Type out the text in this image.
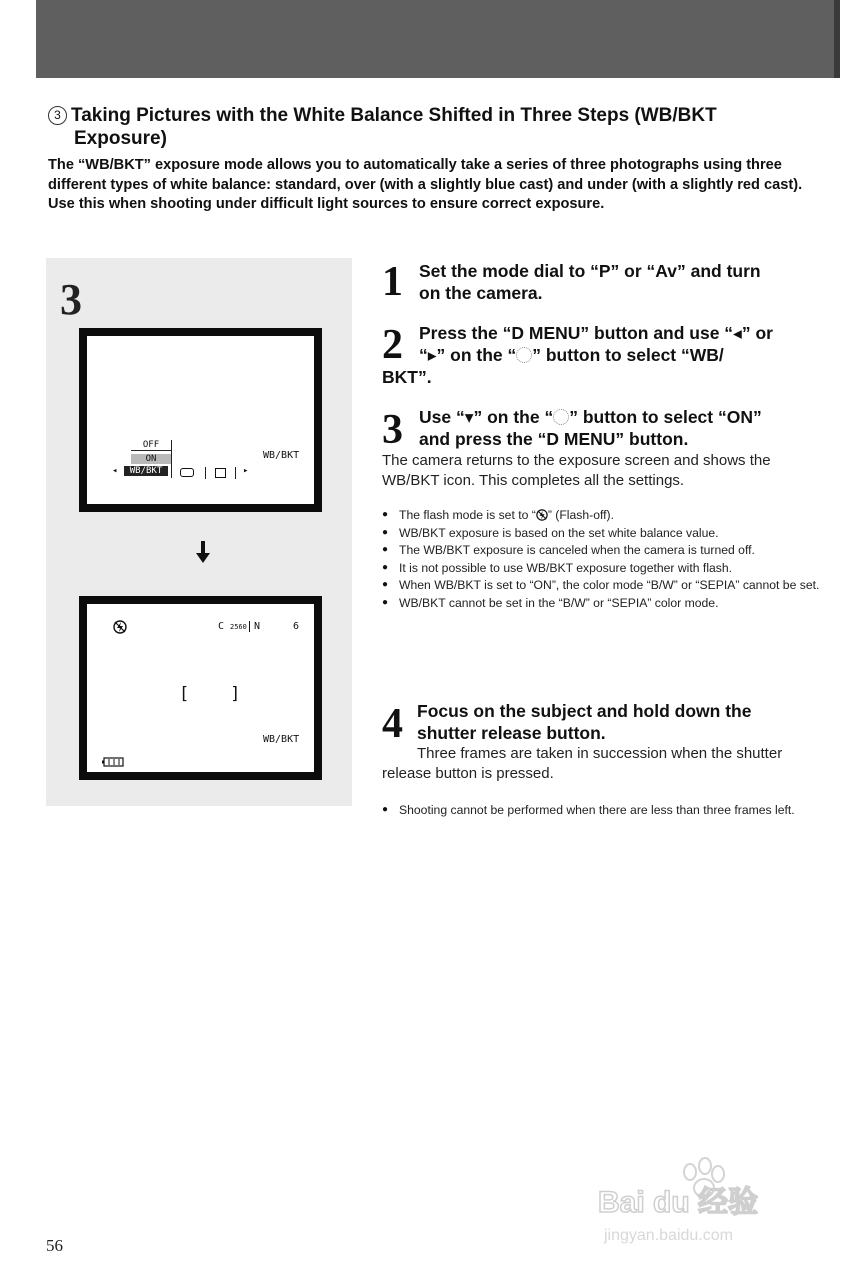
3 Taking Pictures with the White Balance Shifted in Three Steps (WB/BKT
Exposure)

The “WB/BKT” exposure mode allows you to automatically take a series of three photographs using three different types of white balance: standard, over (with a slightly blue cast) and under (with a slightly red cast).

Use this when shooting under difficult light sources to ensure correct exposure.

3
OFF
ON
◂	WB/BKT	▸
WB/BKT
C 2560 N	6
[    ]
WB/BKT
1 Set the mode dial to “P” or “Av” and turn
on the camera.
2 Press the “D MENU” button and use “◂” or
“▸” on the “ ” button to select “WB/
BKT”.
3 Use “▾” on the “ ” button to select “ON”
and press the “D MENU” button.
The camera returns to the exposure screen and shows the WB/BKT icon. This completes all the settings.
● The flash mode is set to “ ” (Flash-off).
● WB/BKT exposure is based on the set white balance value.
● The WB/BKT exposure is canceled when the camera is turned off.
● It is not possible to use WB/BKT exposure together with flash.
● When WB/BKT is set to “ON”, the color mode “B/W” or “SEPIA” cannot be set.
● WB/BKT cannot be set in the “B/W” or “SEPIA” color mode.
4 Focus on the subject and hold down the
shutter release button.
Three frames are taken in succession when the shutter release button is pressed.
● Shooting cannot be performed when there are less than three frames left.
56
Bai du 经验
jingyan.baidu.com
